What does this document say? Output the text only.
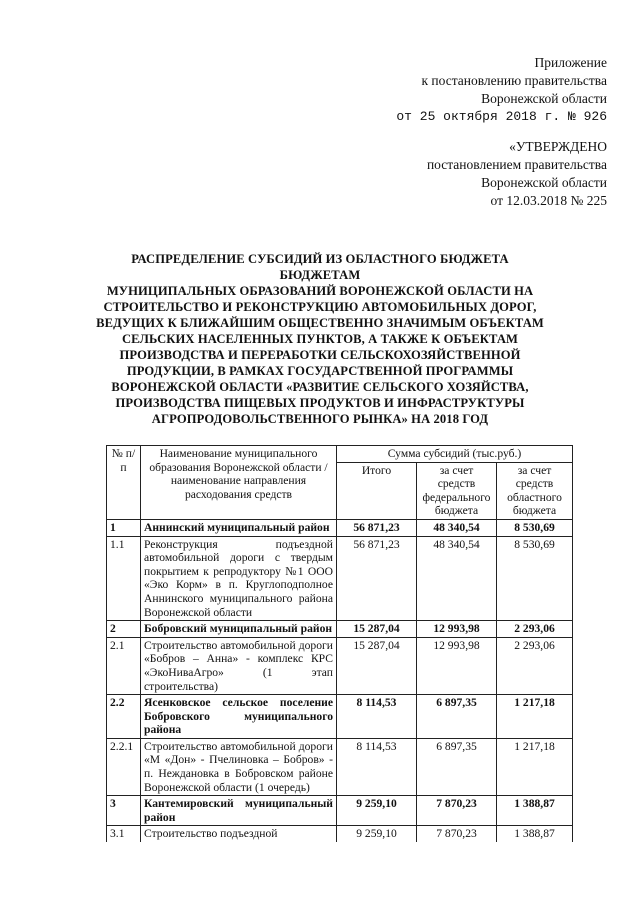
Приложение
к постановлению правительства
Воронежской области
от 25 октября 2018 г. № 926
«УТВЕРЖДЕНО
постановлением правительства
Воронежской области
от 12.03.2018 № 225
РАСПРЕДЕЛЕНИЕ СУБСИДИЙ ИЗ ОБЛАСТНОГО БЮДЖЕТА БЮДЖЕТАМ
МУНИЦИПАЛЬНЫХ ОБРАЗОВАНИЙ ВОРОНЕЖСКОЙ ОБЛАСТИ НА
СТРОИТЕЛЬСТВО И РЕКОНСТРУКЦИЮ АВТОМОБИЛЬНЫХ ДОРОГ,
ВЕДУЩИХ К БЛИЖАЙШИМ ОБЩЕСТВЕННО ЗНАЧИМЫМ ОБЪЕКТАМ
СЕЛЬСКИХ НАСЕЛЕННЫХ ПУНКТОВ, А ТАКЖЕ К ОБЪЕКТАМ
ПРОИЗВОДСТВА И ПЕРЕРАБОТКИ СЕЛЬСКОХОЗЯЙСТВЕННОЙ
ПРОДУКЦИИ, В РАМКАХ ГОСУДАРСТВЕННОЙ ПРОГРАММЫ
ВОРОНЕЖСКОЙ ОБЛАСТИ «РАЗВИТИЕ СЕЛЬСКОГО ХОЗЯЙСТВА,
ПРОИЗВОДСТВА ПИЩЕВЫХ ПРОДУКТОВ И ИНФРАСТРУКТУРЫ
АГРОПРОДОВОЛЬСТВЕННОГО РЫНКА» НА 2018 ГОД
№ п/п	Наименование муниципального образования Воронежской области / наименование направления расходования средств	Сумма субсидий (тыс.руб.)		
		Итого	за счет средств федерального бюджета	за счет средств областного бюджета
1	Аннинский муниципальный район	56 871,23	48 340,54	8 530,69
1.1	Реконструкция подъездной автомобильной дороги с твердым покрытием к репродуктору №1 ООО «Эко Корм» в п. Круглоподполное Аннинского муниципального района Воронежской области	56 871,23	48 340,54	8 530,69
2	Бобровский муниципальный район	15 287,04	12 993,98	2 293,06
2.1	Строительство автомобильной дороги «Бобров – Анна» - комплекс КРС «ЭкоНиваАгро» (1 этап строительства)	15 287,04	12 993,98	2 293,06
2.2	Ясенковское сельское поселение Бобровского муниципального района	8 114,53	6 897,35	1 217,18
2.2.1	Строительство автомобильной дороги «М «Дон» - Пчелиновка – Бобров» - п. Неждановка в Бобровском районе Воронежской области (1 очередь)	8 114,53	6 897,35	1 217,18
3	Кантемировский муниципальный район	9 259,10	7 870,23	1 388,87
3.1	Строительство подъездной	9 259,10	7 870,23	1 388,87
